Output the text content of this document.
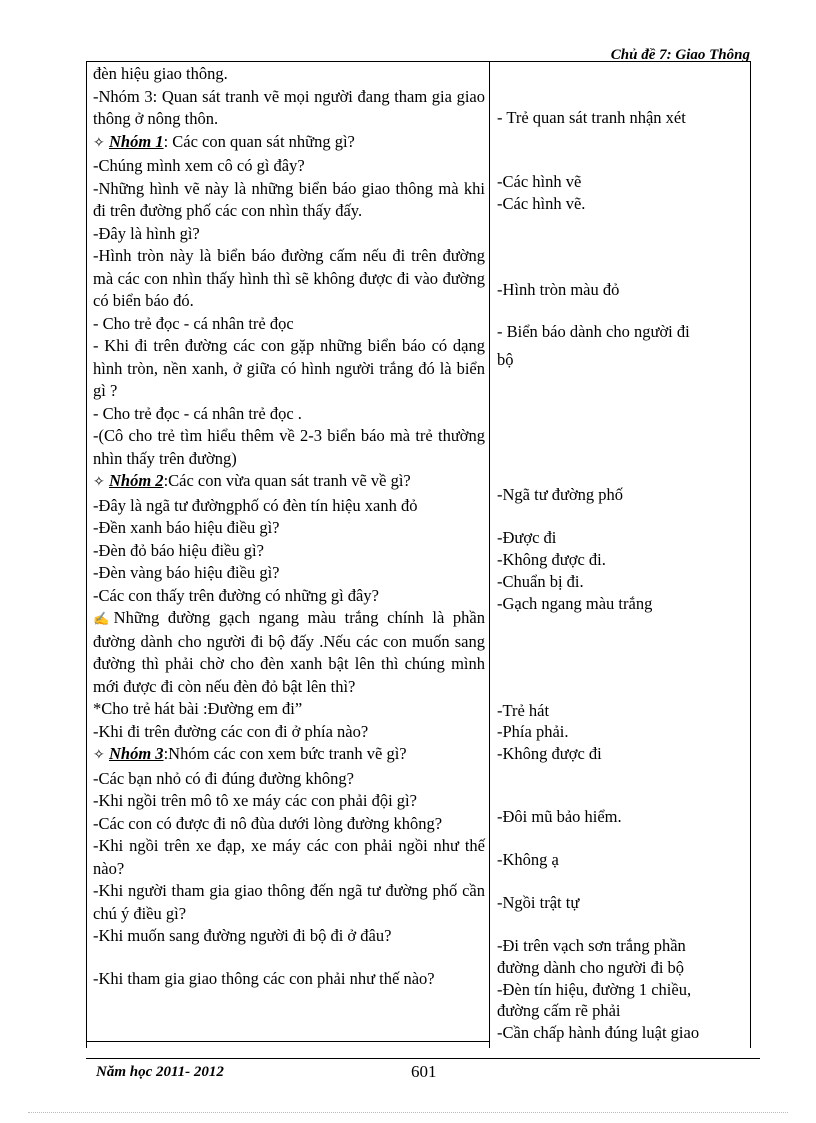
Chủ đề 7: Giao Thông

đèn hiệu giao thông.

-Nhóm 3: Quan sát tranh vẽ mọi người đang tham gia giao thông ở nông thôn.

✧ Nhóm 1: Các con quan sát những gì?

-Chúng mình xem cô có gì đây?

-Những hình vẽ này là những biển báo giao thông mà khi đi trên đường phố các con nhìn thấy đấy.

-Đây là hình gì?

-Hình tròn này là biển báo đường cấm nếu đi trên đường mà các con nhìn thấy hình thì sẽ không được đi vào đường có biển báo đó.

- Cho trẻ đọc - cá nhân trẻ đọc

- Khi đi trên đường các con gặp những biển báo có dạng hình tròn, nền xanh, ở giữa có hình người trắng đó là biển gì ?

- Cho trẻ đọc - cá nhân trẻ đọc .

-(Cô cho trẻ tìm hiểu thêm về 2-3 biển báo mà trẻ thường nhìn thấy trên đường)

✧ Nhóm 2:Các con vừa quan sát tranh vẽ về gì?

-Đây là ngã tư đườngphố có đèn tín hiệu xanh đỏ

-Đền xanh báo hiệu điều gì?

-Đèn đỏ báo hiệu điều gì?

-Đèn vàng báo hiệu điều gì?

-Các con thấy trên đường có những gì đây?

✍Những đường gạch ngang màu trắng chính là phần đường dành cho người đi bộ đấy .Nếu các con muốn sang đường thì phải chờ cho đèn xanh bật lên thì chúng mình mới được đi còn nếu đèn đỏ bật lên thì?

*Cho trẻ hát bài :Đường em đi”

-Khi đi trên đường các con đi ở phía nào?

✧ Nhóm 3:Nhóm các con xem bức tranh vẽ gì?

-Các bạn nhỏ có đi đúng đường không?

-Khi ngồi trên mô tô xe máy các con phải đội gì?

-Các con có được đi nô đùa dưới lòng đường không?

-Khi ngồi trên xe đạp, xe máy các con phải ngồi như thế nào?

-Khi người tham gia giao thông đến ngã tư đường phố cần chú ý điều gì?

-Khi muốn sang đường người đi bộ đi ở đâu?

-Khi tham gia giao thông các con phải như thế nào?

- Trẻ quan sát tranh nhận xét

-Các hình vẽ

-Các hình vẽ.

-Hình tròn màu đỏ

- Biển báo dành cho người đi

bộ

-Ngã tư đường phố

-Được đi

-Không được đi.

-Chuẩn bị đi.

-Gạch ngang màu trắng

-Trẻ hát

-Phía phải.

-Không được đi

-Đôi mũ bảo hiểm.

-Không ạ

-Ngồi trật tự

-Đi trên vạch sơn trắng phần

đường dành cho người đi bộ

-Đèn tín hiệu, đường 1 chiều,

đường cấm rẽ phải

-Cần chấp hành đúng luật giao

Năm học 2011- 2012	601
